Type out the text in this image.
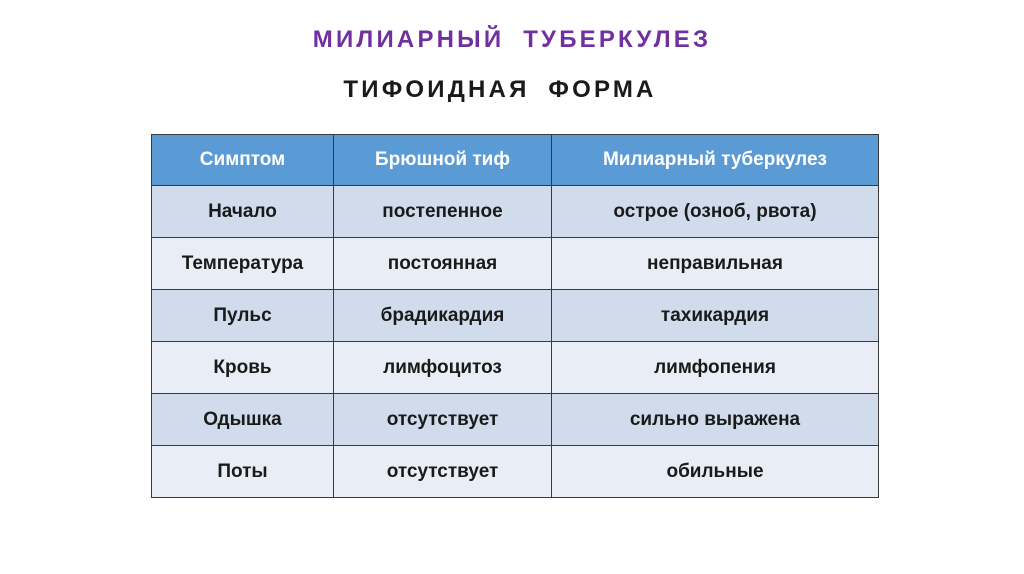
МИЛИАРНЫЙ ТУБЕРКУЛЕЗ
ТИФОИДНАЯ ФОРМА
Симптом	Брюшной тиф	Милиарный туберкулез
Начало	постепенное	острое (озноб, рвота)
Температура	постоянная	неправильная
Пульс	брадикардия	тахикардия
Кровь	лимфоцитоз	лимфопения
Одышка	отсутствует	сильно выражена
Поты	отсутствует	обильные
